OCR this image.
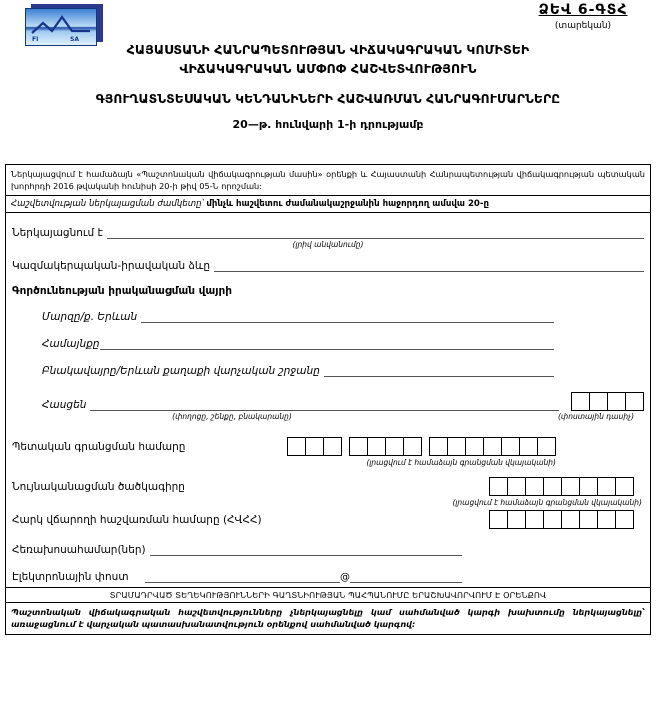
FI	SA
ՁԵՎ 6-ԳՏՀ
(տարեկան)
ՀԱՅԱՍՏԱՆԻ ՀԱՆՐԱՊԵՏՈՒԹՅԱՆ ՎԻՃԱԿԱԳՐԱԿԱՆ ԿՈՄԻՏԵԻ
ՎԻՃԱԿԱԳՐԱԿԱՆ ԱՄՓՈՓ ՀԱՇՎԵՏՎՈՒԹՅՈՒՆ
ԳՅՈՒՂԱՏՆՏԵՍԱԿԱՆ ԿԵՆԴԱՆԻՆԵՐԻ ՀԱՇՎԱՌՄԱՆ ՀԱՆՐԱԳՈՒՄԱՐՆԵՐԸ
20—թ. հունվարի 1-ի դրությամբ
Ներկայացվում է համաձայն «Պաշտոնական վիճակագրության մասին» օրենքի և Հայաստանի Հանրապետության վիճակագրության պետական խորհրդի 2016 թվականի հունիսի 20-ի թիվ 05-Ն որոշման:
Հաշվետվության ներկայացման ժամկետը՝ մինչև հաշվետու ժամանակաշրջանին հաջորդող ամսվա 20-ը
Ներկայացնում է
(լրիվ անվանումը)
Կազմակերպական-իրավական ձևը
Գործունեության իրականացման վայրի
Մարզը/ք. Երևան
Համայնքը
Բնակավայրը/Երևան քաղաքի վարչական շրջանը
Հասցեն
(փողոցը, շենքը, բնակարանը)	(փոստային դասիչ)
Պետական գրանցման համարը
(լրացվում է համաձայն գրանցման վկայականի)
Նույնականացման ծածկագիրը
(լրացվում է համաձայն գրանցման վկայականի)
Հարկ վճարողի հաշվառման համարը (ՀՎՀՀ)
Հեռախոսահամար(ներ)
Էլեկտրոնային փոստ	@
ՏՐԱՄԱԴՐՎԱԾ ՏԵՂԵԿՈՒԹՅՈՒՆՆԵՐԻ ԳԱՂՏՆԻՈՒԹՅԱՆ ՊԱՀՊԱՆՈՒՄԸ ԵՐԱՇԽԱՎՈՐՎՈՒՄ Է ՕՐԵՆՔՈՎ

Պաշտոնական վիճակագրական հաշվետվությունները չներկայացնելը կամ սահմանված կարգի խախտումը ներկայացնելը՝ առաջացնում է վարչական պատասխանատվություն օրենքով սահմանված կարգով:
